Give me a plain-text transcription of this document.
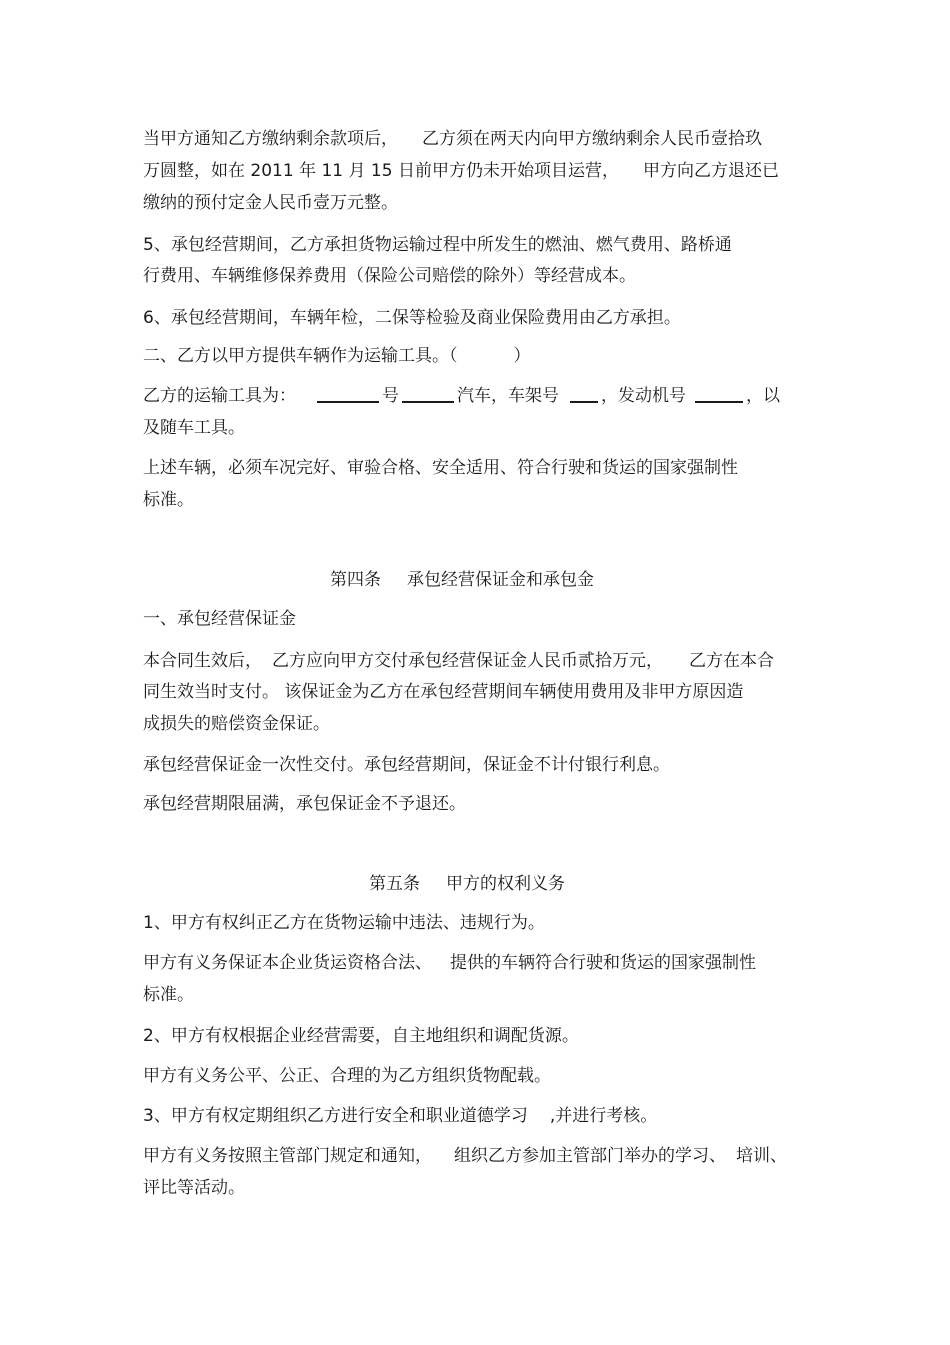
当甲方通知乙方缴纳剩余款项后， 乙方须在两天内向甲方缴纳剩余人民币壹拾玖

万圆整，如在 2011 年 11 月 15 日前甲方仍未开始项目运营， 甲方向乙方退还已

缴纳的预付定金人民币壹万元整。

5、承包经营期间，乙方承担货物运输过程中所发生的燃油、燃气费用、路桥通

行费用、车辆维修保养费用（保险公司赔偿的除外）等经营成本。

6、承包经营期间，车辆年检，二保等检验及商业保险费用由乙方承担。

二、乙方以甲方提供车辆作为运输工具。（	）

乙方的运输工具为：	号	汽车，车架号 ，发动机号	，以

及随车工具。

上述车辆，必须车况完好、审验合格、安全适用、符合行驶和货运的国家强制性

标准。

第四条 承包经营保证金和承包金

一、承包经营保证金

本合同生效后， 乙方应向甲方交付承包经营保证金人民币贰拾万元， 乙方在本合

同生效当时支付。 该保证金为乙方在承包经营期间车辆使用费用及非甲方原因造

成损失的赔偿资金保证。

承包经营保证金一次性交付。承包经营期间，保证金不计付银行利息。

承包经营期限届满，承包保证金不予退还。

第五条 甲方的权利义务

1、甲方有权纠正乙方在货物运输中违法、违规行为。

甲方有义务保证本企业货运资格合法、 提供的车辆符合行驶和货运的国家强制性

标准。

2、甲方有权根据企业经营需要，自主地组织和调配货源。

甲方有义务公平、公正、合理的为乙方组织货物配载。

3、甲方有权定期组织乙方进行安全和职业道德学习 ,并进行考核。

甲方有义务按照主管部门规定和通知， 组织乙方参加主管部门举办的学习、 培训、

评比等活动。
